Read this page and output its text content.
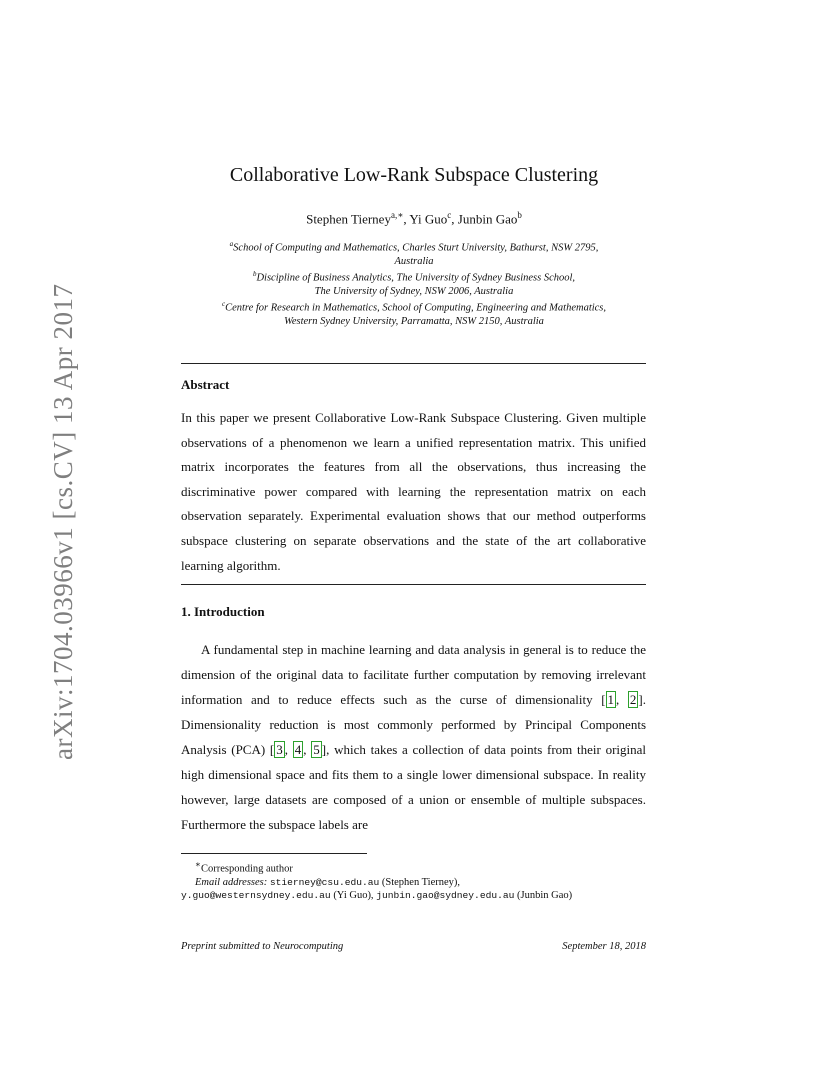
arXiv:1704.03966v1 [cs.CV] 13 Apr 2017
Collaborative Low-Rank Subspace Clustering
Stephen Tierney$^{a,∗}$, Yi Guo$^c$, Junbin Gao$^b$
$^a$School of Computing and Mathematics, Charles Sturt University, Bathurst, NSW 2795,
Australia
$^b$Discipline of Business Analytics, The University of Sydney Business School,
The University of Sydney, NSW 2006, Australia
$^c$Centre for Research in Mathematics, School of Computing, Engineering and Mathematics,
Western Sydney University, Parramatta, NSW 2150, Australia
Abstract
In this paper we present Collaborative Low-Rank Subspace Clustering. Given multiple observations of a phenomenon we learn a unified representation matrix. This unified matrix incorporates the features from all the observations, thus increasing the discriminative power compared with learning the representation matrix on each observation separately. Experimental evaluation shows that our method outperforms subspace clustering on separate observations and the state of the art collaborative learning algorithm.
1. Introduction
A fundamental step in machine learning and data analysis in general is to reduce the dimension of the original data to facilitate further computation by removing irrelevant information and to reduce effects such as the curse of dimensionality [ 1 , 2 ]. Dimensionality reduction is most commonly performed by Principal Components Analysis (PCA) [ 3 , 4 , 5 ], which takes a collection of data points from their original high dimensional space and fits them to a single lower dimensional subspace. In reality however, large datasets are composed of a union or ensemble of multiple subspaces. Furthermore the subspace labels are
∗Corresponding author
Email addresses: stierney@csu.edu.au (Stephen Tierney),
y.guo@westernsydney.edu.au (Yi Guo), junbin.gao@sydney.edu.au (Junbin Gao)
Preprint submitted to Neurocomputing	September 18, 2018
